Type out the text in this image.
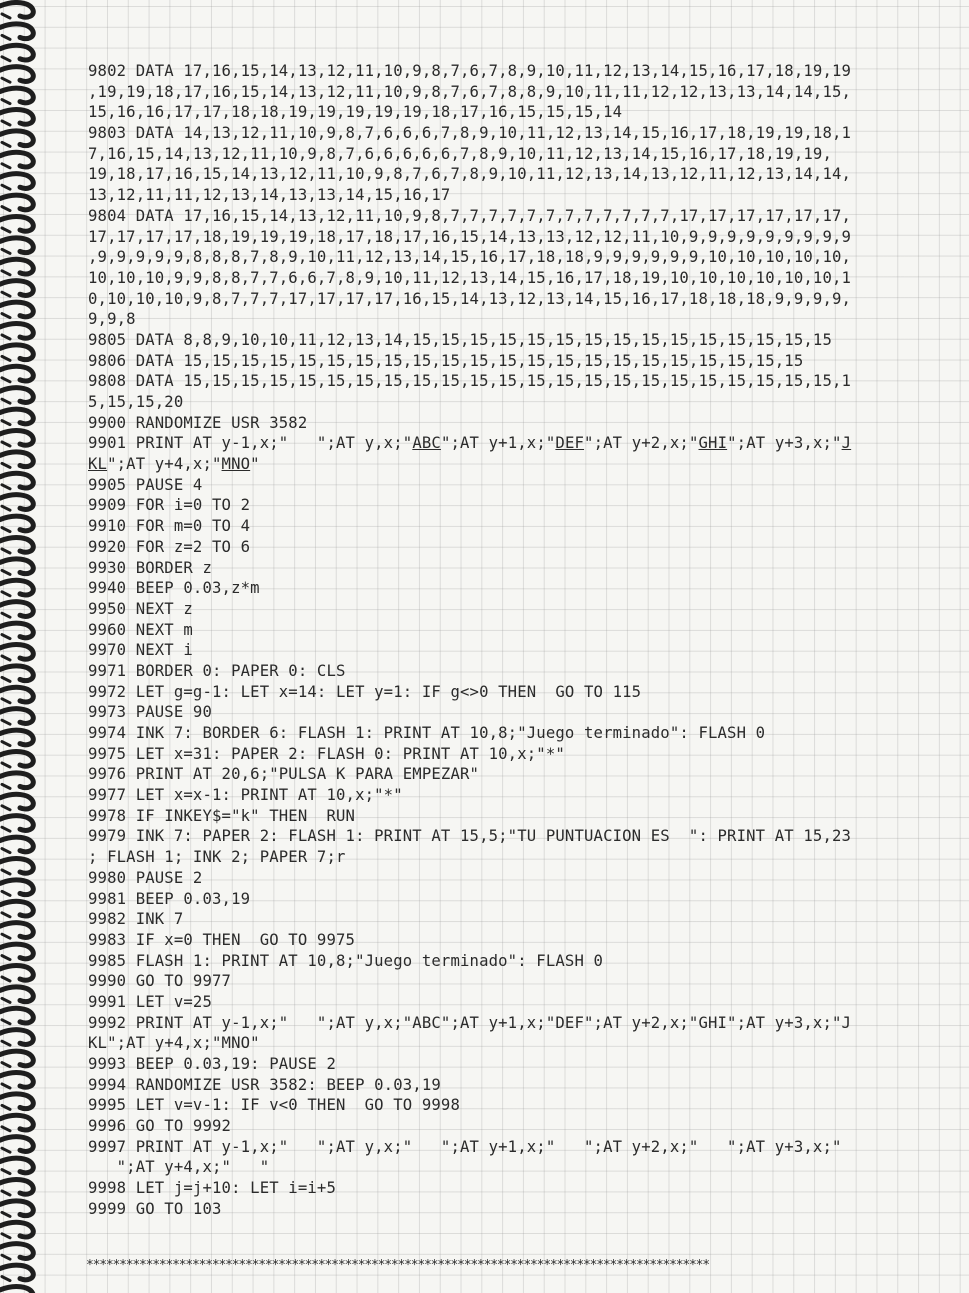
9802 DATA 17,16,15,14,13,12,11,10,9,8,7,6,7,8,9,10,11,12,13,14,15,16,17,18,19,19
,19,19,18,17,16,15,14,13,12,11,10,9,8,7,6,7,8,8,9,10,11,11,12,12,13,13,14,14,15,
15,16,16,17,17,18,18,19,19,19,19,19,18,17,16,15,15,15,14
9803 DATA 14,13,12,11,10,9,8,7,6,6,6,7,8,9,10,11,12,13,14,15,16,17,18,19,19,18,1
7,16,15,14,13,12,11,10,9,8,7,6,6,6,6,6,7,8,9,10,11,12,13,14,15,16,17,18,19,19,
19,18,17,16,15,14,13,12,11,10,9,8,7,6,7,8,9,10,11,12,13,14,13,12,11,12,13,14,14,
13,12,11,11,12,13,14,13,13,14,15,16,17
9804 DATA 17,16,15,14,13,12,11,10,9,8,7,7,7,7,7,7,7,7,7,7,7,7,17,17,17,17,17,17,
17,17,17,17,18,19,19,19,18,17,18,17,16,15,14,13,13,12,12,11,10,9,9,9,9,9,9,9,9,9
,9,9,9,9,9,8,8,8,7,8,9,10,11,12,13,14,15,16,17,18,18,9,9,9,9,9,9,10,10,10,10,10,
10,10,10,9,9,8,8,7,7,6,6,7,8,9,10,11,12,13,14,15,16,17,18,19,10,10,10,10,10,10,1
0,10,10,10,9,8,7,7,7,17,17,17,17,16,15,14,13,12,13,14,15,16,17,18,18,18,9,9,9,9,
9,9,8
9805 DATA 8,8,9,10,10,11,12,13,14,15,15,15,15,15,15,15,15,15,15,15,15,15,15,15
9806 DATA 15,15,15,15,15,15,15,15,15,15,15,15,15,15,15,15,15,15,15,15,15,15
9808 DATA 15,15,15,15,15,15,15,15,15,15,15,15,15,15,15,15,15,15,15,15,15,15,15,1
5,15,15,20
9900 RANDOMIZE USR 3582
9901 PRINT AT y-1,x;"   ";AT y,x;"ABC";AT y+1,x;"DEF";AT y+2,x;"GHI";AT y+3,x;"J
KL";AT y+4,x;"MNO"
9905 PAUSE 4
9909 FOR i=0 TO 2
9910 FOR m=0 TO 4
9920 FOR z=2 TO 6
9930 BORDER z
9940 BEEP 0.03,z*m
9950 NEXT z
9960 NEXT m
9970 NEXT i
9971 BORDER 0: PAPER 0: CLS
9972 LET g=g-1: LET x=14: LET y=1: IF g<>0 THEN  GO TO 115
9973 PAUSE 90
9974 INK 7: BORDER 6: FLASH 1: PRINT AT 10,8;"Juego terminado": FLASH 0
9975 LET x=31: PAPER 2: FLASH 0: PRINT AT 10,x;"*"
9976 PRINT AT 20,6;"PULSA K PARA EMPEZAR"
9977 LET x=x-1: PRINT AT 10,x;"*"
9978 IF INKEY$="k" THEN  RUN
9979 INK 7: PAPER 2: FLASH 1: PRINT AT 15,5;"TU PUNTUACION ES  ": PRINT AT 15,23
; FLASH 1; INK 2; PAPER 7;r
9980 PAUSE 2
9981 BEEP 0.03,19
9982 INK 7
9983 IF x=0 THEN  GO TO 9975
9985 FLASH 1: PRINT AT 10,8;"Juego terminado": FLASH 0
9990 GO TO 9977
9991 LET v=25
9992 PRINT AT y-1,x;"   ";AT y,x;"ABC";AT y+1,x;"DEF";AT y+2,x;"GHI";AT y+3,x;"J
KL";AT y+4,x;"MNO"
9993 BEEP 0.03,19: PAUSE 2
9994 RANDOMIZE USR 3582: BEEP 0.03,19
9995 LET v=v-1: IF v<0 THEN  GO TO 9998
9996 GO TO 9992
9997 PRINT AT y-1,x;"   ";AT y,x;"   ";AT y+1,x;"   ";AT y+2,x;"   ";AT y+3,x;"
";AT y+4,x;"   "
9998 LET j=j+10: LET i=i+5
9999 GO TO 103
**********************************************************************************************
